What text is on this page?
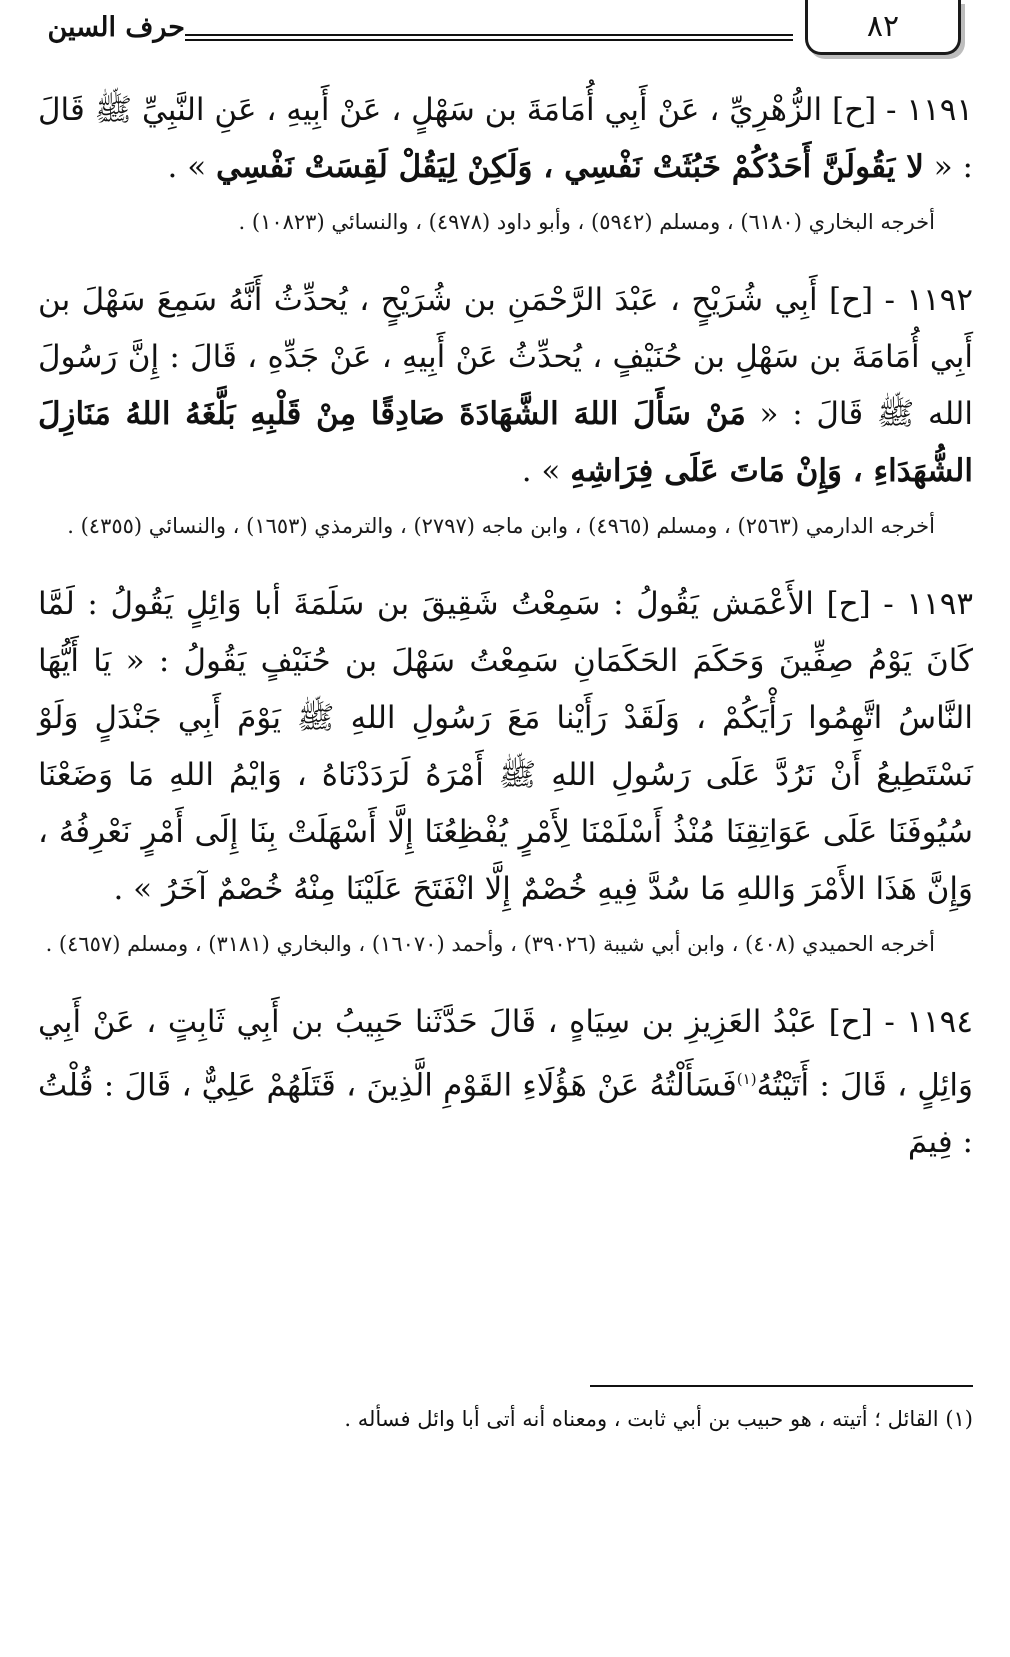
٨٢
حرف السين

١١٩١ - [ح] الزُّهْرِيِّ ، عَنْ أَبِي أُمَامَةَ بن سَهْلٍ ، عَنْ أَبِيهِ ، عَنِ النَّبِيِّ ﷺ قَالَ : « لا يَقُولَنَّ أَحَدُكُمْ خَبُثَتْ نَفْسِي ، وَلَكِنْ لِيَقُلْ لَقِسَتْ نَفْسِي » .

أخرجه البخاري (٦١٨٠) ، ومسلم (٥٩٤٢) ، وأبو داود (٤٩٧٨) ، والنسائي (١٠٨٢٣) .

١١٩٢ - [ح] أَبِي شُرَيْحٍ ، عَبْدَ الرَّحْمَنِ بن شُرَيْحٍ ، يُحدِّثُ أَنَّهُ سَمِعَ سَهْلَ بن أَبِي أُمَامَةَ بن سَهْلِ بن حُنَيْفٍ ، يُحدِّثُ عَنْ أَبِيهِ ، عَنْ جَدِّهِ ، قَالَ : إِنَّ رَسُولَ الله ﷺ قَالَ : « مَنْ سَأَلَ اللهَ الشَّهَادَةَ صَادِقًا مِنْ قَلْبِهِ بَلَّغَهُ اللهُ مَنَازِلَ الشُّهَدَاءِ ، وَإِنْ مَاتَ عَلَى فِرَاشِهِ » .

أخرجه الدارمي (٢٥٦٣) ، ومسلم (٤٩٦٥) ، وابن ماجه (٢٧٩٧) ، والترمذي (١٦٥٣) ، والنسائي (٤٣٥٥) .

١١٩٣ - [ح] الأَعْمَش يَقُولُ : سَمِعْتُ شَقِيقَ بن سَلَمَةَ أبا وَائِلٍ يَقُولُ : لَمَّا كَانَ يَوْمُ صِفِّينَ وَحَكَمَ الحَكَمَانِ سَمِعْتُ سَهْلَ بن حُنَيْفٍ يَقُولُ : « يَا أَيُّهَا النَّاسُ اتَّهِمُوا رَأْيَكُمْ ، وَلَقَدْ رَأَيْنا مَعَ رَسُولِ اللهِ ﷺ يَوْمَ أَبِي جَنْدَلٍ وَلَوْ نَسْتَطِيعُ أَنْ نَرُدَّ عَلَى رَسُولِ اللهِ ﷺ أَمْرَهُ لَرَدَدْنَاهُ ، وَايْمُ اللهِ مَا وَضَعْنَا سُيُوفَنَا عَلَى عَوَاتِقِنَا مُنْذُ أَسْلَمْنَا لِأَمْرٍ يُفْظِعُنَا إِلَّا أَسْهَلَتْ بِنَا إِلَى أَمْرٍ نَعْرِفُهُ ، وَإِنَّ هَذَا الأَمْرَ وَاللهِ مَا سُدَّ فِيهِ خُصْمٌ إِلَّا انْفَتَحَ عَلَيْنَا مِنْهُ خُصْمٌ آخَرُ » .

أخرجه الحميدي (٤٠٨) ، وابن أبي شيبة (٣٩٠٢٦) ، وأحمد (١٦٠٧٠) ، والبخاري (٣١٨١) ، ومسلم (٤٦٥٧) .

١١٩٤ - [ح] عَبْدُ العَزِيزِ بن سِيَاهٍ ، قَالَ حَدَّثَنا حَبِيبُ بن أَبِي ثَابِتٍ ، عَنْ أَبِي وَائِلٍ ، قَالَ : أَتَيْتُهُ$^{(١)}$فَسَأَلْتُهُ عَنْ هَؤُلَاءِ القَوْمِ الَّذِينَ ، قَتَلَهُمْ عَلِيٌّ ، قَالَ : قُلْتُ : فِيمَ

(١) القائل ؛ أتيته ، هو حبيب بن أبي ثابت ، ومعناه أنه أتى أبا وائل فسأله .
